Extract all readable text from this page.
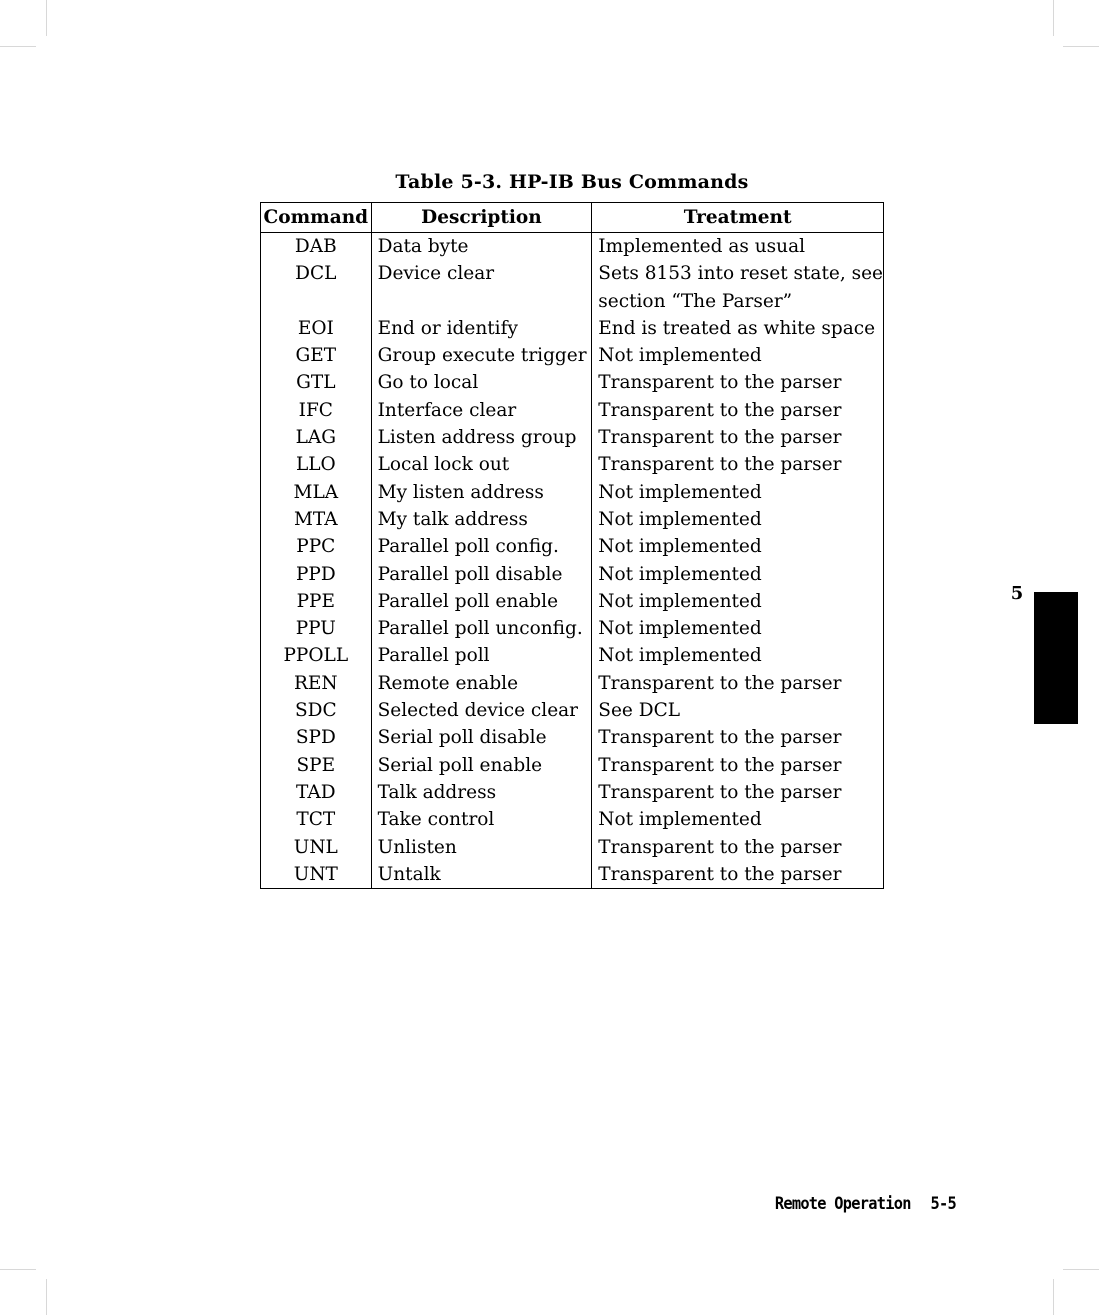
Table 5-3. HP-IB Bus Commands
Command	Description	Treatment
DAB	Data byte	Implemented as usual
DCL	Device clear	Sets 8153 into reset state, see
		section “The Parser”
EOI	End or identify	End is treated as white space
GET	Group execute trigger	Not implemented
GTL	Go to local	Transparent to the parser
IFC	Interface clear	Transparent to the parser
LAG	Listen address group	Transparent to the parser
LLO	Local lock out	Transparent to the parser
MLA	My listen address	Not implemented
MTA	My talk address	Not implemented
PPC	Parallel poll config.	Not implemented
PPD	Parallel poll disable	Not implemented
PPE	Parallel poll enable	Not implemented
PPU	Parallel poll unconfig.	Not implemented
PPOLL	Parallel poll	Not implemented
REN	Remote enable	Transparent to the parser
SDC	Selected device clear	See DCL
SPD	Serial poll disable	Transparent to the parser
SPE	Serial poll enable	Transparent to the parser
TAD	Talk address	Transparent to the parser
TCT	Take control	Not implemented
UNL	Unlisten	Transparent to the parser
UNT	Untalk	Transparent to the parser
5
Remote Operation 5-5
